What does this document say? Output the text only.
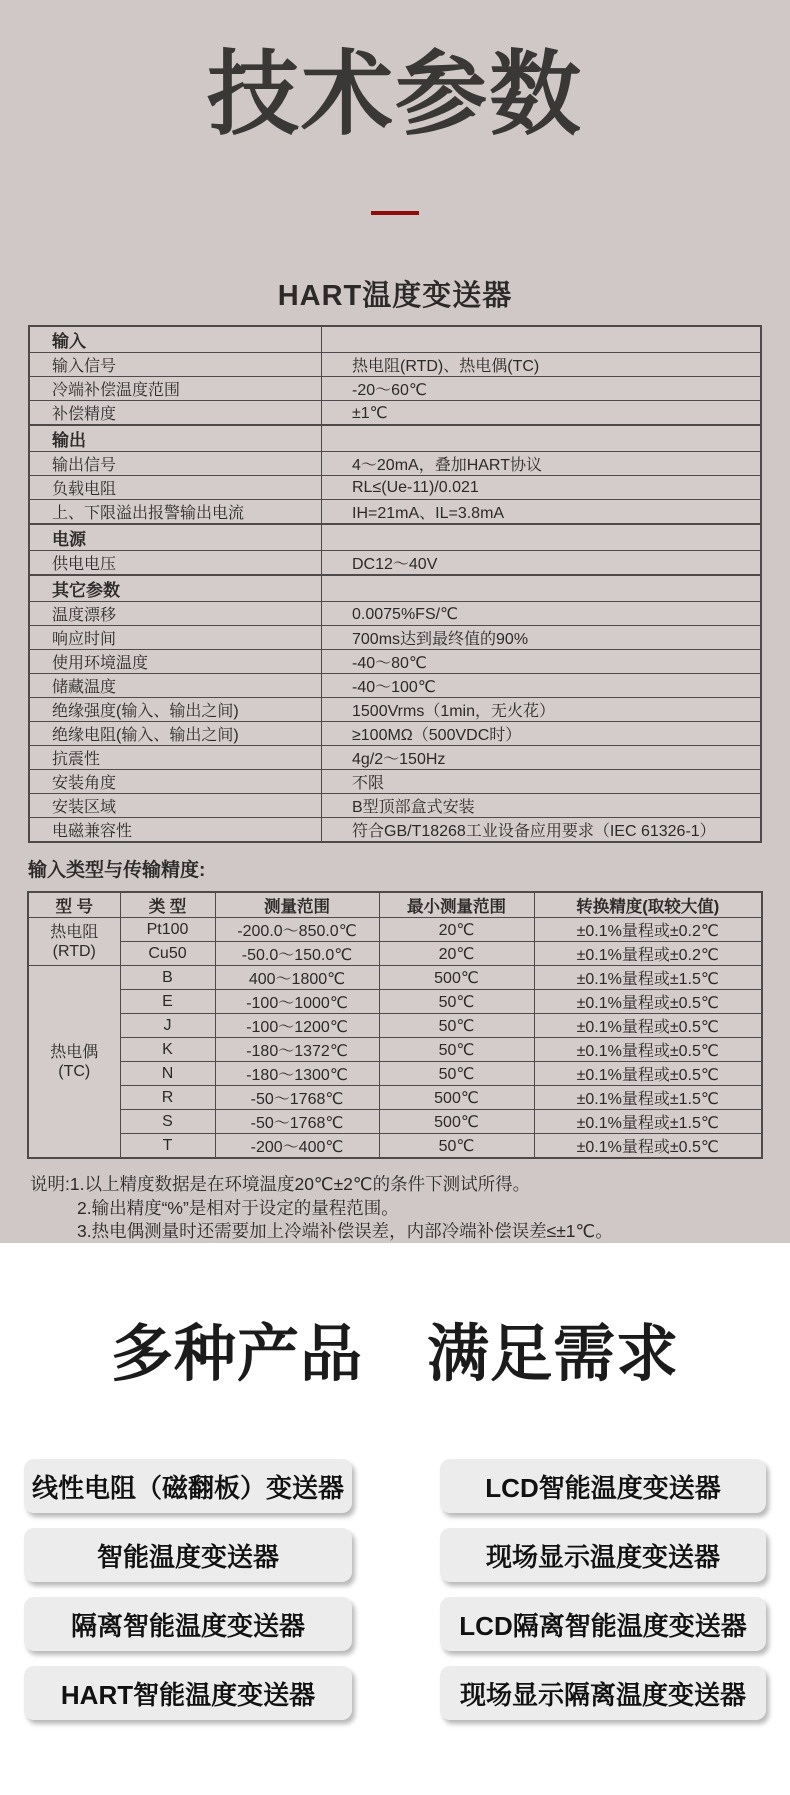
技术参数
HART温度变送器
输入	
输入信号	热电阻(RTD)、热电偶(TC)
冷端补偿温度范围	-20～60℃
补偿精度	±1℃
输出	
输出信号	4～20mA，叠加HART协议
负载电阻	RL≤(Ue-11)/0.021
上、下限溢出报警输出电流	IH=21mA、IL=3.8mA
电源	
供电电压	DC12～40V
其它参数	
温度漂移	0.0075%FS/℃
响应时间	700ms达到最终值的90%
使用环境温度	-40～80℃
储藏温度	-40～100℃
绝缘强度(输入、输出之间)	1500Vrms（1min，无火花）
绝缘电阻(输入、输出之间)	≥100MΩ（500VDC时）
抗震性	4g/2～150Hz
安装角度	不限
安装区域	B型顶部盒式安装
电磁兼容性	符合GB/T18268工业设备应用要求（IEC 61326-1）
输入类型与传输精度:
型 号	类 型	测量范围	最小测量范围	转换精度(取较大值)

热电阻
(RTD)	Pt100	-200.0～850.0℃	20℃	±0.1%量程或±0.2℃
	Cu50	-50.0～150.0℃	20℃	±0.1%量程或±0.2℃

热电偶
(TC)	B	400～1800℃	500℃	±0.1%量程或±1.5℃
	E	-100～1000℃	50℃	±0.1%量程或±0.5℃
	J	-100～1200℃	50℃	±0.1%量程或±0.5℃
	K	-180～1372℃	50℃	±0.1%量程或±0.5℃
	N	-180～1300℃	50℃	±0.1%量程或±0.5℃
	R	-50～1768℃	500℃	±0.1%量程或±1.5℃
	S	-50～1768℃	500℃	±0.1%量程或±1.5℃
	T	-200～400℃	50℃	±0.1%量程或±0.5℃
说明:1.以上精度数据是在环境温度20℃±2℃的条件下测试所得。
2.输出精度“%”是相对于设定的量程范围。
3.热电偶测量时还需要加上冷端补偿误差，内部冷端补偿误差≤±1℃。
多种产品 满足需求
线性电阻（磁翻板）变送器	LCD智能温度变送器
智能温度变送器	现场显示温度变送器
隔离智能温度变送器	LCD隔离智能温度变送器
HART智能温度变送器	现场显示隔离温度变送器
